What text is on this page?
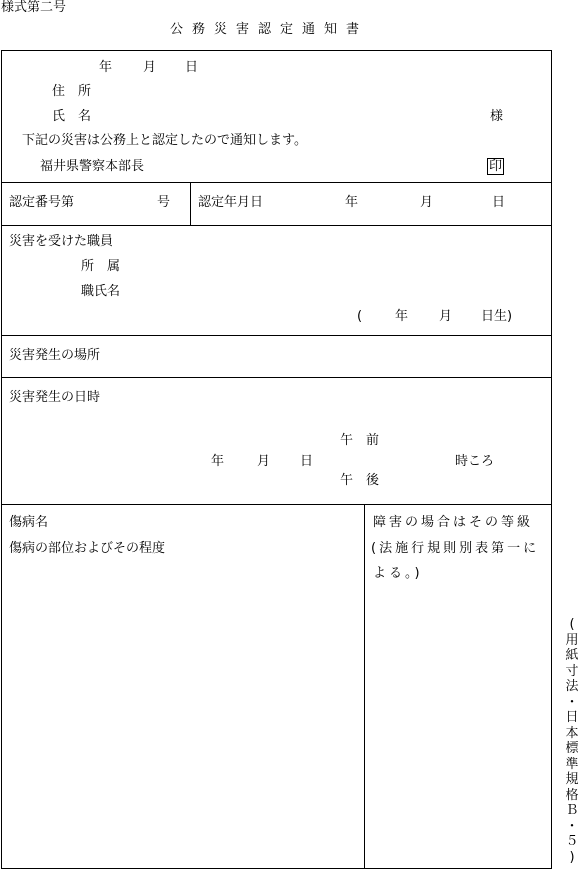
様式第二号
公務災害認定通知書
年 月 日
住　所
氏　名	様
下記の災害は公務上と認定したので通知します。
福井県警察本部長	印
認定番号第	号 認定年月日	年	月	日
災害を受けた職員
所　属
職氏名
(	年 月 日生)
災害発生の場所
災害発生の日時
午　前
年	月 日	時ころ
午　後
傷病名
傷病の部位およびその程度
障害の場合はその等級
(法施行規則別表第一に
よる。)
(
用
紙
寸
法
・
日
本
標
準
規
格
Ｂ
・
５
)
